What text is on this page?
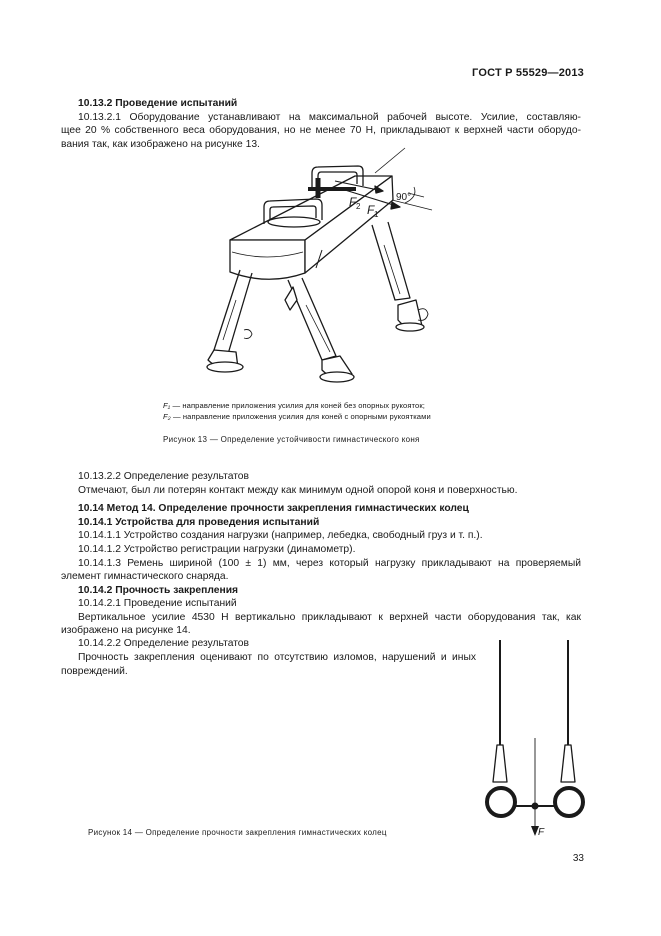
ГОСТ Р 55529—2013
10.13.2 Проведение испытаний
10.13.2.1 Оборудование устанавливают на максимальной рабочей высоте. Усилие, составляю-
щее 20 % собственного веса оборудования, но не менее 70 Н, прикладывают к верхней части оборудо-
вания так, как изображено на рисунке 13.
90°
F 2 F 1
F₁ — направление приложения усилия для коней без опорных рукояток;
F₂ — направление приложения усилия для коней с опорными рукоятками
Рисунок 13 — Определение устойчивости гимнастического коня
10.13.2.2 Определение результатов
Отмечают, был ли потерян контакт между как минимум одной опорой коня и поверхностью.
10.14 Метод 14. Определение прочности закрепления гимнастических колец
10.14.1 Устройства для проведения испытаний
10.14.1.1 Устройство создания нагрузки (например, лебедка, свободный груз и т. п.).
10.14.1.2 Устройство регистрации нагрузки (динамометр).
10.14.1.3 Ремень шириной (100 ± 1) мм, через который нагрузку прикладывают на проверяемый
элемент гимнастического снаряда.
10.14.2 Прочность закрепления
10.14.2.1 Проведение испытаний
Вертикальное усилие 4530 Н вертикально прикладывают к верхней части оборудования так, как
изображено на рисунке 14.
10.14.2.2 Определение результатов
Прочность закрепления оценивают по отсутствию изломов, нарушений и иных
повреждений.
F
Рисунок 14 — Определение прочности закрепления гимнастических колец
33
